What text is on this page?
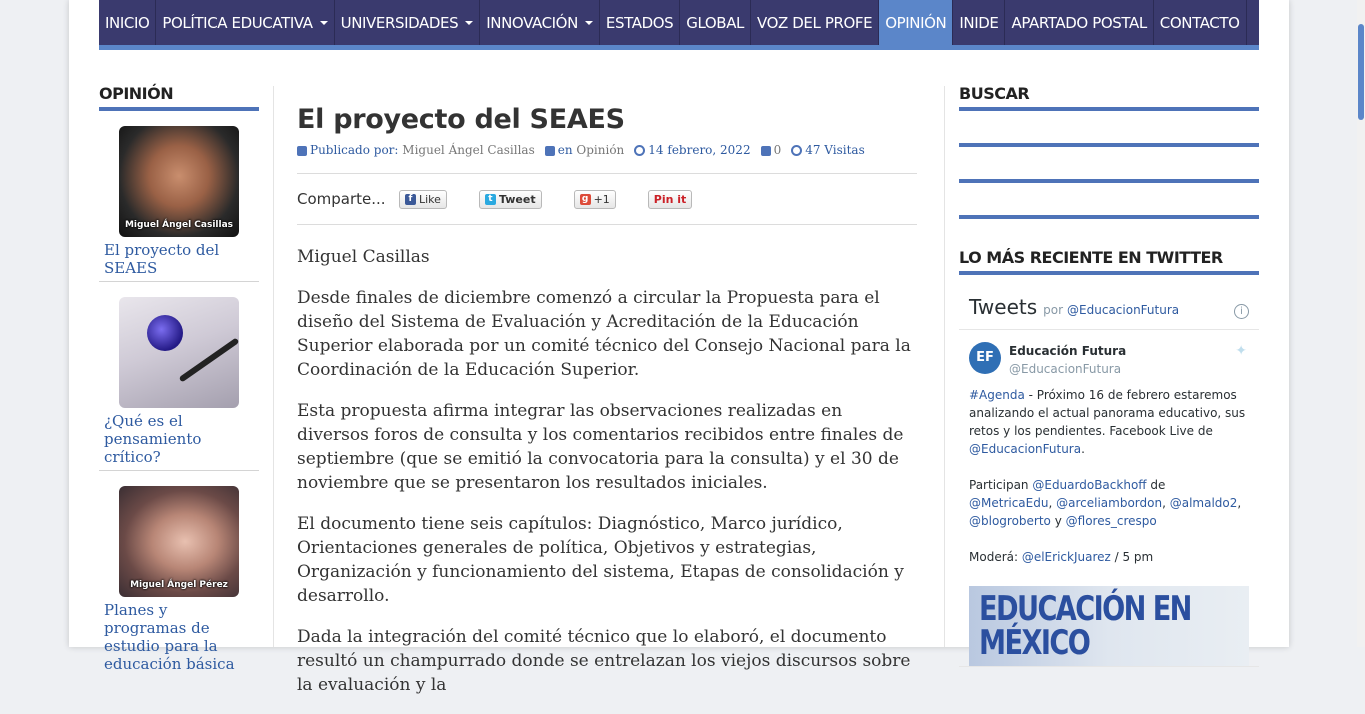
INICIO POLÍTICA EDUCATIVA UNIVERSIDADES INNOVACIÓN ESTADOS GLOBAL VOZ DEL PROFE OPINIÓN INIDE APARTADO POSTAL CONTACTO
OPINIÓN
Miguel Ángel Casillas
El proyecto del SEAES
¿Qué es el pensamiento crítico?
Miguel Ángel Pérez
Planes y programas de estudio para la educación básica
El proyecto del SEAES
Publicado por: Miguel Ángel Casillas	en Opinión	14 febrero, 2022	0	47 Visitas
Comparte...	f Like	t Tweet	g +1	Pin it

Miguel Casillas

Desde finales de diciembre comenzó a circular la Propuesta para el diseño del Sistema de Evaluación y Acreditación de la Educación Superior elaborada por un comité técnico del Consejo Nacional para la Coordinación de la Educación Superior.

Esta propuesta afirma integrar las observaciones realizadas en diversos foros de consulta y los comentarios recibidos entre finales de septiembre (que se emitió la convocatoria para la consulta) y el 30 de noviembre que se presentaron los resultados iniciales.

El documento tiene seis capítulos: Diagnóstico, Marco jurídico, Orientaciones generales de política, Objetivos y estrategias, Organización y funcionamiento del sistema, Etapas de consolidación y desarrollo.

Dada la integración del comité técnico que lo elaboró, el documento resultó un champurrado donde se entrelazan los viejos discursos sobre la evaluación y la

BUSCAR
LO MÁS RECIENTE EN TWITTER
Tweets por @EducacionFutura	i
EF	Educación Futura
@EducacionFutura
✦

#Agenda - Próximo 16 de febrero estaremos analizando el actual panorama educativo, sus retos y los pendientes. Facebook Live de @EducacionFutura.

Participan @EduardoBackhoff de @MetricaEdu, @arceliambordon, @almaldo2, @blogroberto y @flores_crespo

Moderá: @elErickJuarez / 5 pm

EDUCACIÓN EN MÉXICO
